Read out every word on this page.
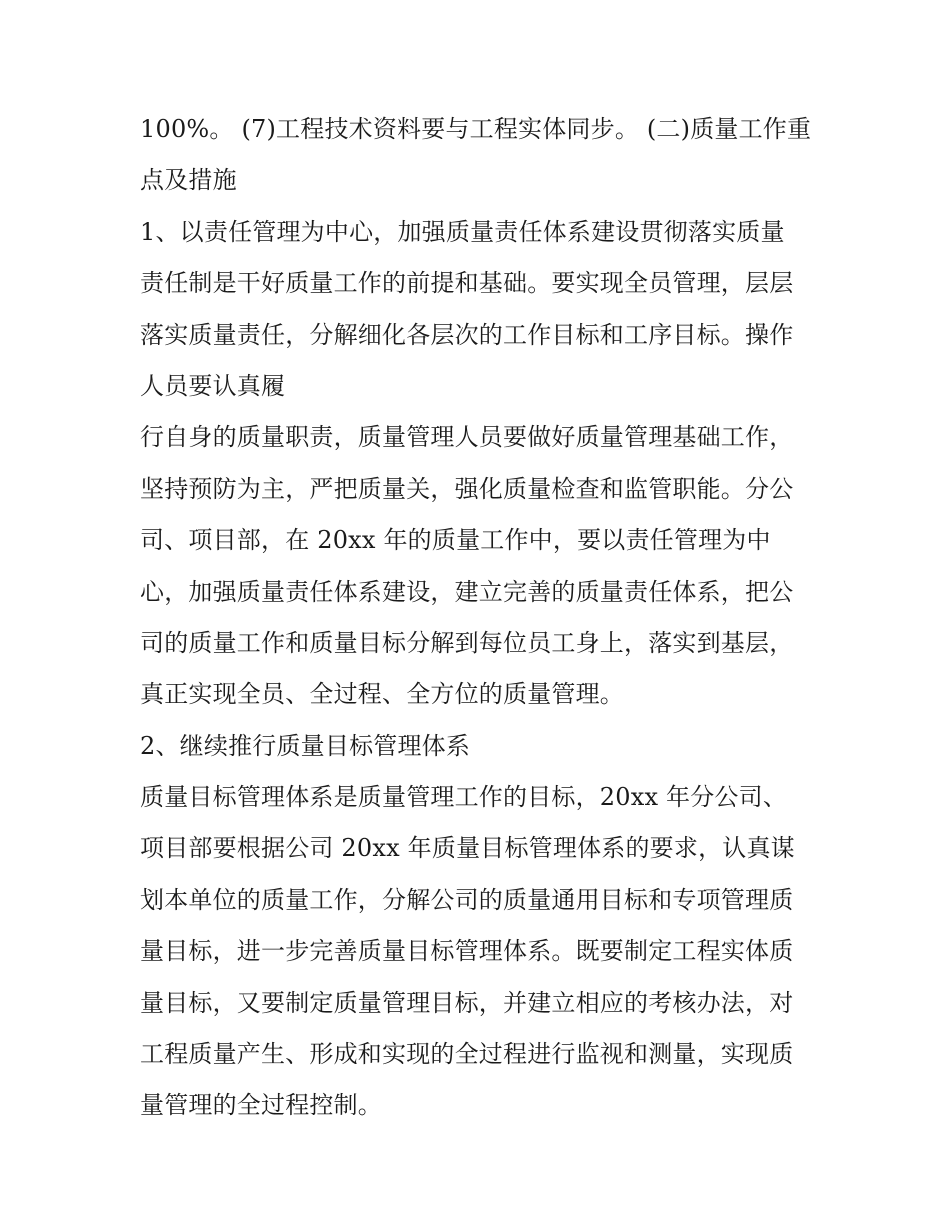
100%。 (7)工程技术资料要与工程实体同步。 (二)质量工作重
点及措施
1、以责任管理为中心，加强质量责任体系建设贯彻落实质量
责任制是干好质量工作的前提和基础。要实现全员管理，层层
落实质量责任，分解细化各层次的工作目标和工序目标。操作
人员要认真履
行自身的质量职责，质量管理人员要做好质量管理基础工作，
坚持预防为主，严把质量关，强化质量检查和监管职能。分公
司、项目部，在 20xx 年的质量工作中，要以责任管理为中
心，加强质量责任体系建设，建立完善的质量责任体系，把公
司的质量工作和质量目标分解到每位员工身上，落实到基层，
真正实现全员、全过程、全方位的质量管理。
2、继续推行质量目标管理体系
质量目标管理体系是质量管理工作的目标，20xx 年分公司、
项目部要根据公司 20xx 年质量目标管理体系的要求，认真谋
划本单位的质量工作，分解公司的质量通用目标和专项管理质
量目标，进一步完善质量目标管理体系。既要制定工程实体质
量目标，又要制定质量管理目标，并建立相应的考核办法，对
工程质量产生、形成和实现的全过程进行监视和测量，实现质
量管理的全过程控制。
